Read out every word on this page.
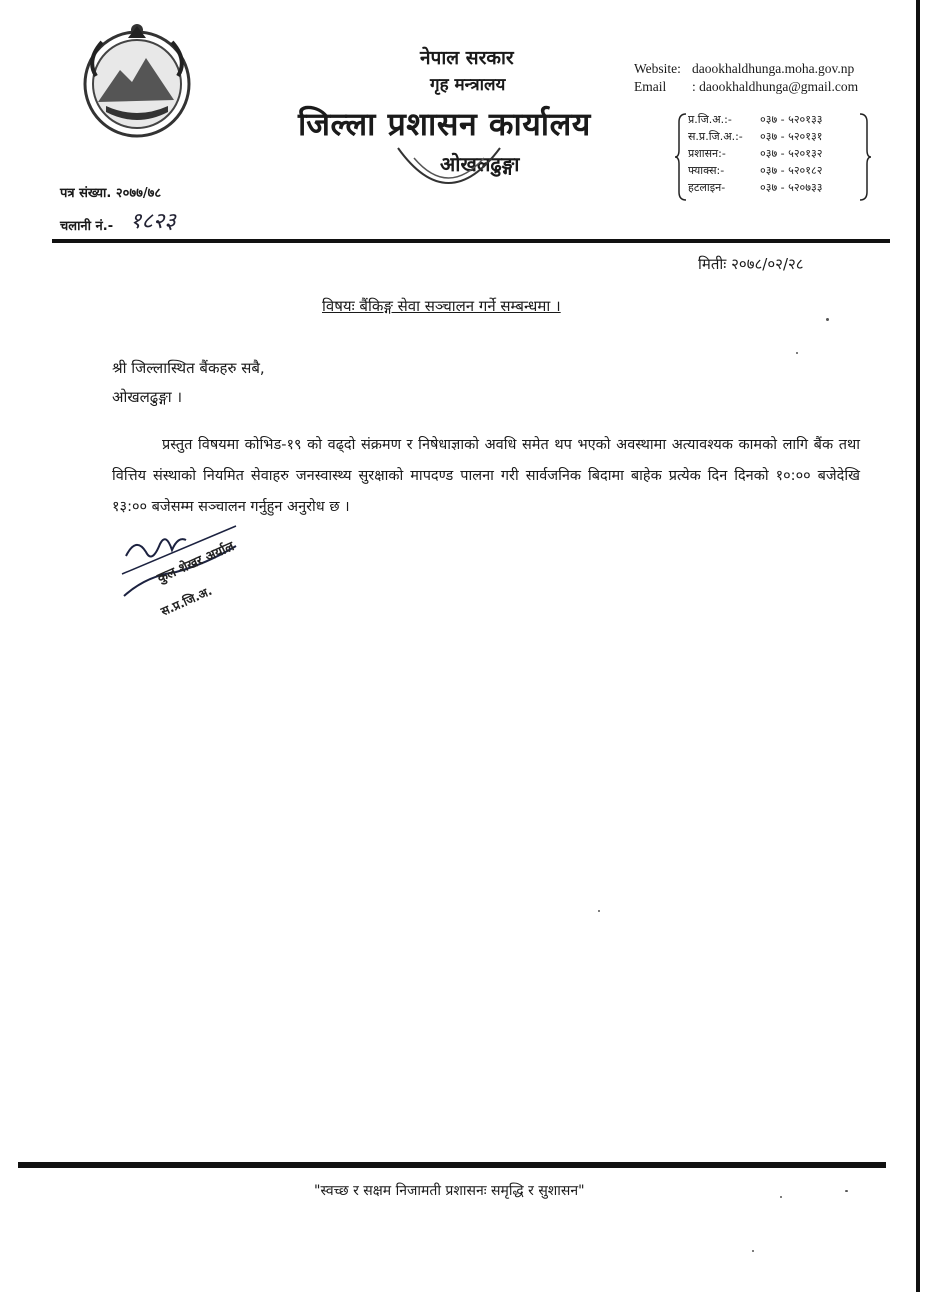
नेपाल सरकार
गृह मन्त्रालय
जिल्ला प्रशासन कार्यालय
ओखलढुङ्गा
Website: daookhaldhunga.moha.gov.np
Email : daookhaldhunga@gmail.com
प्र.जि.अ.:-	०३७ - ५२०१३३
स.प्र.जि.अ.:- ०३७ - ५२०१३१
प्रशासन:-	०३७ - ५२०१३२
फ्याक्स:-	०३७ - ५२०१८२
हटलाइन-	०३७ - ५२०७३३
पत्र संख्या. २०७७/७८
चलानी नं.- १८२३
मितीः २०७८/०२/२८
विषयः बैंकिङ्ग सेवा सञ्चालन गर्ने सम्बन्धमा ।
श्री जिल्लास्थित बैंकहरु सबै,
ओखलढुङ्गा ।
प्रस्तुत विषयमा कोभिड-१९ को वढ्दो संक्रमण र निषेधाज्ञाको अवधि समेत थप भएको अवस्थामा अत्यावश्यक कामको लागि बैंक तथा वित्तिय संस्थाको नियमित सेवाहरु जनस्वास्थ्य सुरक्षाको मापदण्ड पालना गरी सार्वजनिक बिदामा बाहेक प्रत्येक दिन दिनको १०:०० बजेदेखि १३:०० बजेसम्म सञ्चालन गर्नुहुन अनुरोध छ ।
कुल शेखर अर्याल
स.प्र.जि.अ.
"स्वच्छ र सक्षम निजामती प्रशासनः समृद्धि र सुशासन"
